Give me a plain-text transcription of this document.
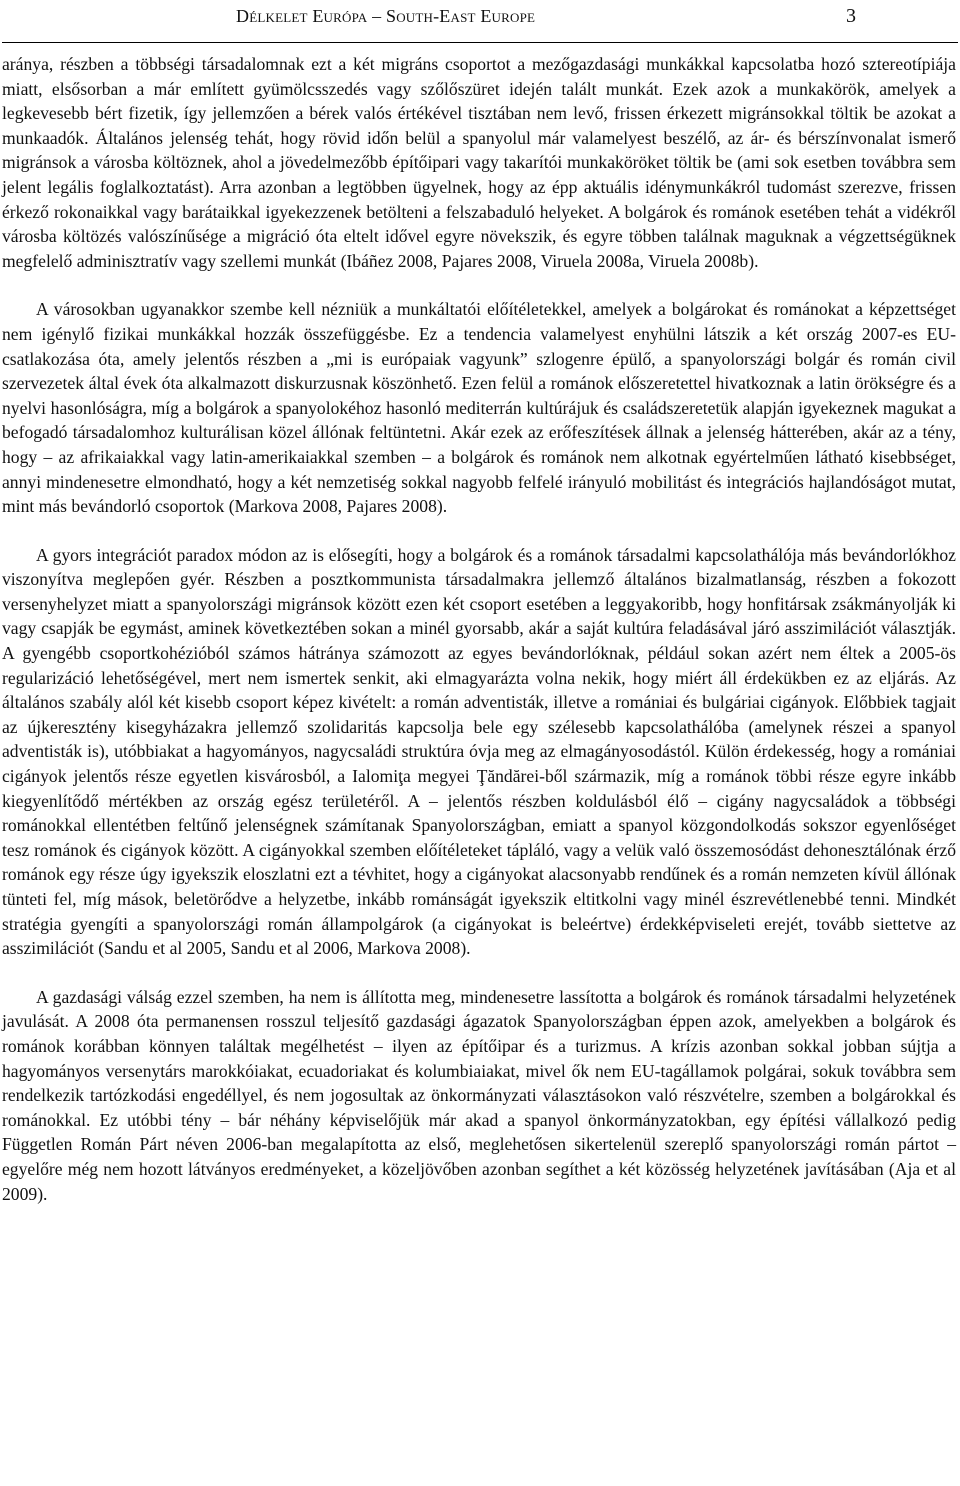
Délkelet Európa – South-East Europe	3

aránya, részben a többségi társadalomnak ezt a két migráns csoportot a mezőgazdasági munkákkal kapcsolatba hozó sztereotípiája miatt, elsősorban a már említett gyümölcsszedés vagy szőlőszüret idején talált munkát. Ezek azok a munkakörök, amelyek a legkevesebb bért fizetik, így jellemzően a bérek valós értékével tisztában nem levő, frissen érkezett migránsokkal töltik be azokat a munkaadók. Általános jelenség tehát, hogy rövid időn belül a spanyolul már valamelyest beszélő, az ár- és bérszínvonalat ismerő migránsok a városba költöznek, ahol a jövedelmezőbb építőipari vagy takarítói munkaköröket töltik be (ami sok esetben továbbra sem jelent legális foglalkoztatást). Arra azonban a legtöbben ügyelnek, hogy az épp aktuális idénymunkákról tudomást szerezve, frissen érkező rokonaikkal vagy barátaikkal igyekezzenek betölteni a felszabaduló helyeket. A bolgárok és románok esetében tehát a vidékről városba költözés valószínűsége a migráció óta eltelt idővel egyre növekszik, és egyre többen találnak maguknak a végzettségüknek megfelelő adminisztratív vagy szellemi munkát (Ibáñez 2008, Pajares 2008, Viruela 2008a, Viruela 2008b).

A városokban ugyanakkor szembe kell nézniük a munkáltatói előítéletekkel, amelyek a bolgárokat és románokat a képzettséget nem igénylő fizikai munkákkal hozzák összefüggésbe. Ez a tendencia valamelyest enyhülni látszik a két ország 2007-es EU-csatlakozása óta, amely jelentős részben a „mi is európaiak vagyunk” szlogenre épülő, a spanyolországi bolgár és román civil szervezetek által évek óta alkalmazott diskurzusnak köszönhető. Ezen felül a románok előszeretettel hivatkoznak a latin örökségre és a nyelvi hasonlóságra, míg a bolgárok a spanyolokéhoz hasonló mediterrán kultúrájuk és családszeretetük alapján igyekeznek magukat a befogadó társadalomhoz kulturálisan közel állónak feltüntetni. Akár ezek az erőfeszítések állnak a jelenség hátterében, akár az a tény, hogy – az afrikaiakkal vagy latin-amerikaiakkal szemben – a bolgárok és románok nem alkotnak egyértelműen látható kisebbséget, annyi mindenesetre elmondható, hogy a két nemzetiség sokkal nagyobb felfelé irányuló mobilitást és integrációs hajlandóságot mutat, mint más bevándorló csoportok (Markova 2008, Pajares 2008).

A gyors integrációt paradox módon az is elősegíti, hogy a bolgárok és a románok társadalmi kapcsolathálója más bevándorlókhoz viszonyítva meglepően gyér. Részben a posztkommunista társadalmakra jellemző általános bizalmatlanság, részben a fokozott versenyhelyzet miatt a spanyolországi migránsok között ezen két csoport esetében a leggyakoribb, hogy honfitársak zsákmányolják ki vagy csapják be egymást, aminek következtében sokan a minél gyorsabb, akár a saját kultúra feladásával járó asszimilációt választják. A gyengébb csoportkohézióból számos hátránya számozott az egyes bevándorlóknak, például sokan azért nem éltek a 2005-ös regularizáció lehetőségével, mert nem ismertek senkit, aki elmagyarázta volna nekik, hogy miért áll érdekükben ez az eljárás. Az általános szabály alól két kisebb csoport képez kivételt: a román adventisták, illetve a romániai és bulgáriai cigányok. Előbbiek tagjait az újkeresztény kisegyházakra jellemző szolidaritás kapcsolja bele egy szélesebb kapcsolathálóba (amelynek részei a spanyol adventisták is), utóbbiakat a hagyományos, nagycsaládi struktúra óvja meg az elmagányosodástól. Külön érdekesség, hogy a romániai cigányok jelentős része egyetlen kisvárosból, a Ialomiţa megyei Ţăndărei-ből származik, míg a románok többi része egyre inkább kiegyenlítődő mértékben az ország egész területéről. A – jelentős részben koldulásból élő – cigány nagycsaládok a többségi románokkal ellentétben feltűnő jelenségnek számítanak Spanyolországban, emiatt a spanyol közgondolkodás sokszor egyenlőséget tesz románok és cigányok között. A cigányokkal szemben előítéleteket tápláló, vagy a velük való összemosódást dehonesztálónak érző románok egy része úgy igyekszik eloszlatni ezt a tévhitet, hogy a cigányokat alacsonyabb rendűnek és a román nemzeten kívül állónak tünteti fel, míg mások, beletörődve a helyzetbe, inkább románságát igyekszik eltitkolni vagy minél észrevétlenebbé tenni. Mindkét stratégia gyengíti a spanyolországi román állampolgárok (a cigányokat is beleértve) érdekképviseleti erejét, tovább siettetve az asszimilációt (Sandu et al 2005, Sandu et al 2006, Markova 2008).

A gazdasági válság ezzel szemben, ha nem is állította meg, mindenesetre lassította a bolgárok és románok társadalmi helyzetének javulását. A 2008 óta permanensen rosszul teljesítő gazdasági ágazatok Spanyolországban éppen azok, amelyekben a bolgárok és románok korábban könnyen találtak megélhetést – ilyen az építőipar és a turizmus. A krízis azonban sokkal jobban sújtja a hagyományos versenytárs marokkóiakat, ecuadoriakat és kolumbiaiakat, mivel ők nem EU-tagállamok polgárai, sokuk továbbra sem rendelkezik tartózkodási engedéllyel, és nem jogosultak az önkormányzati választásokon való részvételre, szemben a bolgárokkal és románokkal. Ez utóbbi tény – bár néhány képviselőjük már akad a spanyol önkormányzatokban, egy építési vállalkozó pedig Független Román Párt néven 2006-ban megalapította az első, meglehetősen sikertelenül szereplő spanyolországi román pártot – egyelőre még nem hozott látványos eredményeket, a közeljövőben azonban segíthet a két közösség helyzetének javításában (Aja et al 2009).
